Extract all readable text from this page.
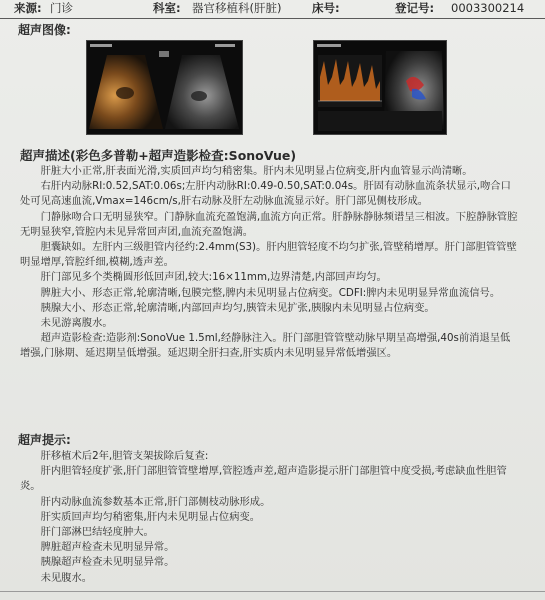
来源: 门诊	科室: 器官移植科(肝脏)	床号:	登记号: 0003300214
超声图像:
超声描述(彩色多普勒+超声造影检查:SonoVue)

肝脏大小正常,肝表面光滑,实质回声均匀稍密集。肝内未见明显占位病变,肝内血管显示尚清晰。

右肝内动脉RI:0.52,SAT:0.06s;左肝内动脉RI:0.49-0.50,SAT:0.04s。肝固有动脉血流条状显示,吻合口处可见高速血流,Vmax=146cm/s,肝右动脉及肝左动脉血流显示好。肝门部见侧枝形成。

门静脉吻合口无明显狭窄。门静脉血流充盈饱满,血流方向正常。肝静脉静脉频谱呈三相波。下腔静脉管腔无明显狭窄,管腔内未见异常回声团,血流充盈饱满。

胆囊缺如。左肝内三级胆管内径约:2.4mm(S3)。肝内胆管轻度不均匀扩张,管壁稍增厚。肝门部胆管管壁明显增厚,管腔纤细,模糊,透声差。

肝门部见多个类椭圆形低回声团,较大:16×11mm,边界清楚,内部回声均匀。

脾脏大小、形态正常,轮廓清晰,包膜完整,脾内未见明显占位病变。CDFI:脾内未见明显异常血流信号。

胰腺大小、形态正常,轮廓清晰,内部回声均匀,胰管未见扩张,胰腺内未见明显占位病变。

未见游离腹水。

超声造影检查:造影剂:SonoVue 1.5ml,经静脉注入。肝门部胆管管壁动脉早期呈高增强,40s前消退呈低增强,门脉期、延迟期呈低增强。延迟期全肝扫查,肝实质内未见明显异常低增强区。

超声提示:

肝移植术后2年,胆管支架拔除后复查:

肝内胆管轻度扩张,肝门部胆管管壁增厚,管腔透声差,超声造影提示肝门部胆管中度受损,考虑缺血性胆管炎。

肝内动脉血流参数基本正常,肝门部侧枝动脉形成。

肝实质回声均匀稍密集,肝内未见明显占位病变。

肝门部淋巴结轻度肿大。

脾脏超声检查未见明显异常。

胰腺超声检查未见明显异常。

未见腹水。
